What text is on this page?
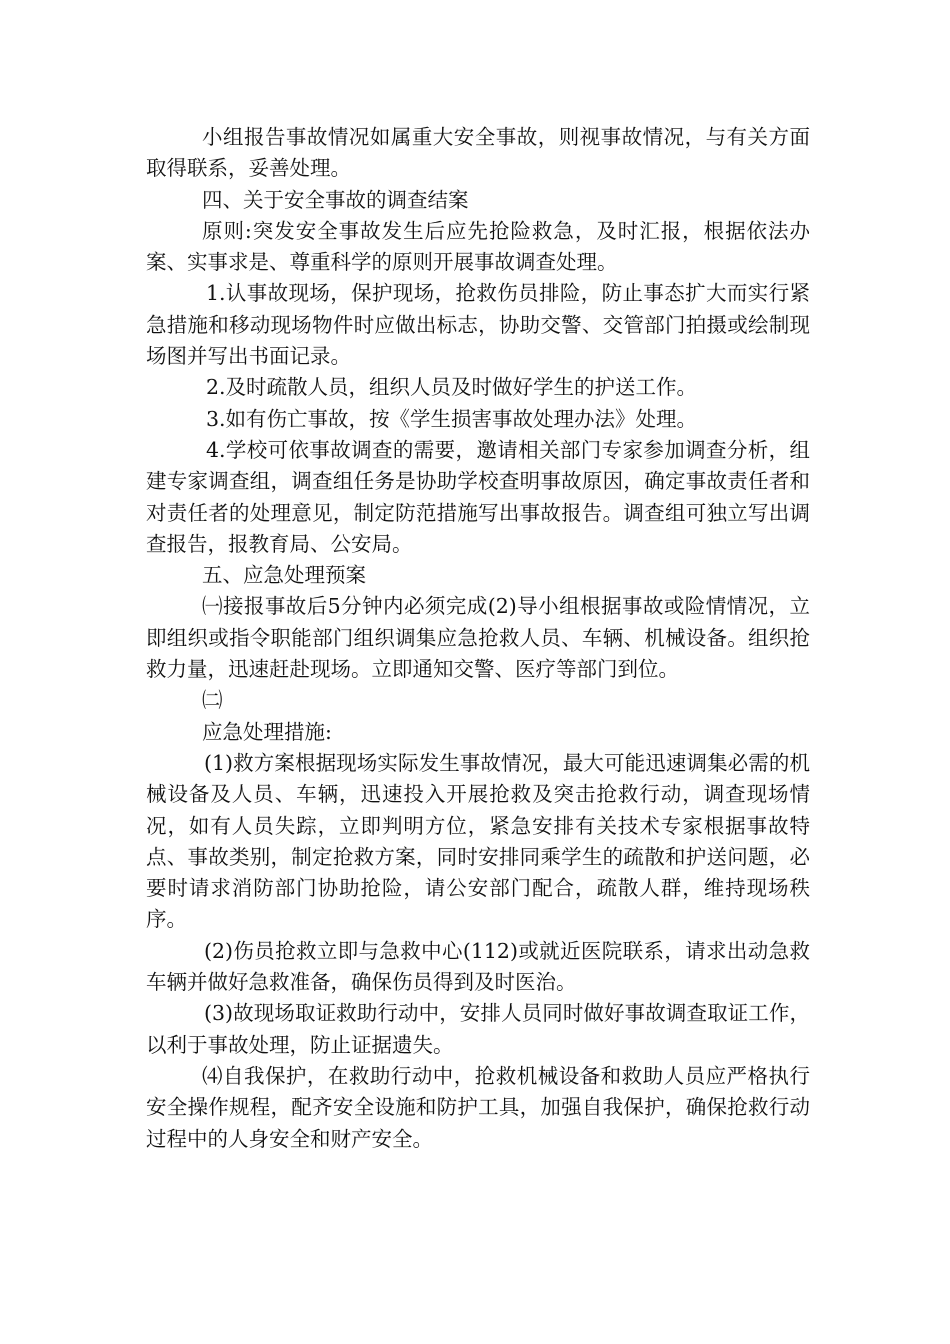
小组报告事故情况如属重大安全事故，则视事故情况，与有关方面取得联系，妥善处理。

四、关于安全事故的调查结案

原则:突发安全事故发生后应先抢险救急，及时汇报，根据依法办案、实事求是、尊重科学的原则开展事故调查处理。

1.认事故现场，保护现场，抢救伤员排险，防止事态扩大而实行紧急措施和移动现场物件时应做出标志，协助交警、交管部门拍摄或绘制现场图并写出书面记录。

2.及时疏散人员，组织人员及时做好学生的护送工作。

3.如有伤亡事故，按《学生损害事故处理办法》处理。

4.学校可依事故调查的需要，邀请相关部门专家参加调查分析，组建专家调查组，调查组任务是协助学校查明事故原因，确定事故责任者和对责任者的处理意见，制定防范措施写出事故报告。调查组可独立写出调查报告，报教育局、公安局。

五、应急处理预案

㈠接报事故后5分钟内必须完成(2)导小组根据事故或险情情况，立即组织或指令职能部门组织调集应急抢救人员、车辆、机械设备。组织抢救力量，迅速赶赴现场。立即通知交警、医疗等部门到位。

㈡

应急处理措施:

(1)救方案根据现场实际发生事故情况，最大可能迅速调集必需的机械设备及人员、车辆，迅速投入开展抢救及突击抢救行动，调查现场情况，如有人员失踪，立即判明方位，紧急安排有关技术专家根据事故特点、事故类别，制定抢救方案，同时安排同乘学生的疏散和护送问题，必要时请求消防部门协助抢险，请公安部门配合，疏散人群，维持现场秩序。

(2)伤员抢救立即与急救中心(112)或就近医院联系，请求出动急救车辆并做好急救准备，确保伤员得到及时医治。

(3)故现场取证救助行动中，安排人员同时做好事故调查取证工作，以利于事故处理，防止证据遗失。

⑷自我保护，在救助行动中，抢救机械设备和救助人员应严格执行安全操作规程，配齐安全设施和防护工具，加强自我保护，确保抢救行动过程中的人身安全和财产安全。
